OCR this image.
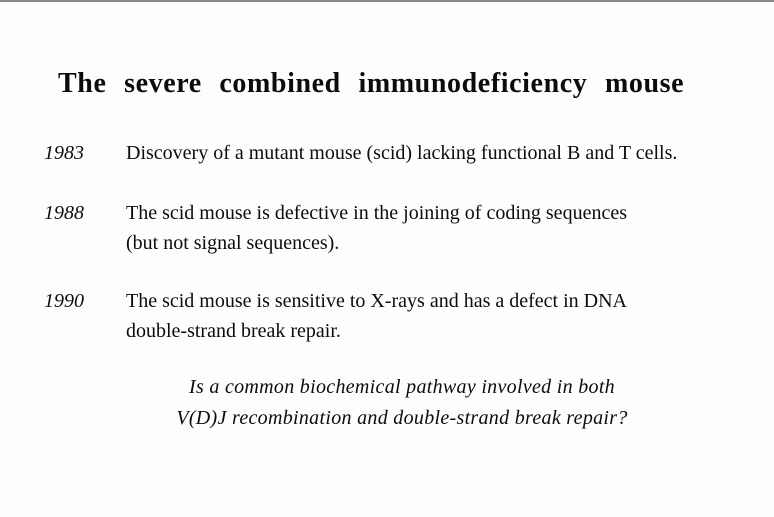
The severe combined immunodeficiency mouse
1983 Discovery of a mutant mouse (scid) lacking functional B and T cells.
1988 The scid mouse is defective in the joining of coding sequences
(but not signal sequences).
1990 The scid mouse is sensitive to X-rays and has a defect in DNA
double-strand break repair.
Is a common biochemical pathway involved in both
V(D)J recombination and double-strand break repair?
